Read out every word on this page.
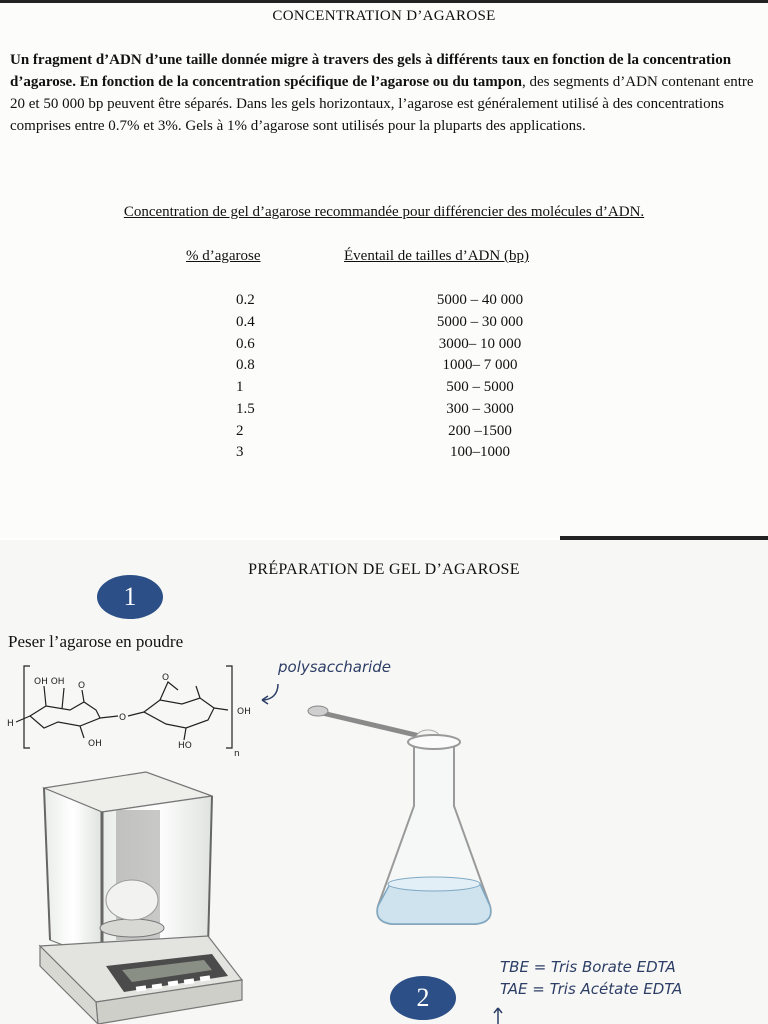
CONCENTRATION D’AGAROSE

Un fragment d’ADN d’une taille donnée migre à travers des gels à différents taux en fonction de la concentration d’agarose. En fonction de la concentration spécifique de l’agarose ou du tampon, des segments d’ADN contenant entre 20 et 50 000 bp peuvent être séparés. Dans les gels horizontaux, l’agarose est généralement utilisé à des concentrations comprises entre 0.7% et 3%. Gels à 1% d’agarose sont utilisés pour la pluparts des applications.

Concentration de gel d’agarose recommandée pour différencier des molécules d’ADN.
% d’agarose	Éventail de tailles d’ADN (bp)
0.2	5000 – 40 000
0.4	5000 – 30 000
0.6	3000– 10 000
0.8	1000– 7 000
1	500 – 5000
1.5	300 – 3000
2	200 –1500
3	100–1000
PRÉPARATION DE GEL D’AGAROSE
1
Peser l’agarose en poudre
H
OH OH O
OH
O
O
HO
OH
n
polysaccharide
2
TBE = Tris Borate EDTA
TAE = Tris Acétate EDTA
